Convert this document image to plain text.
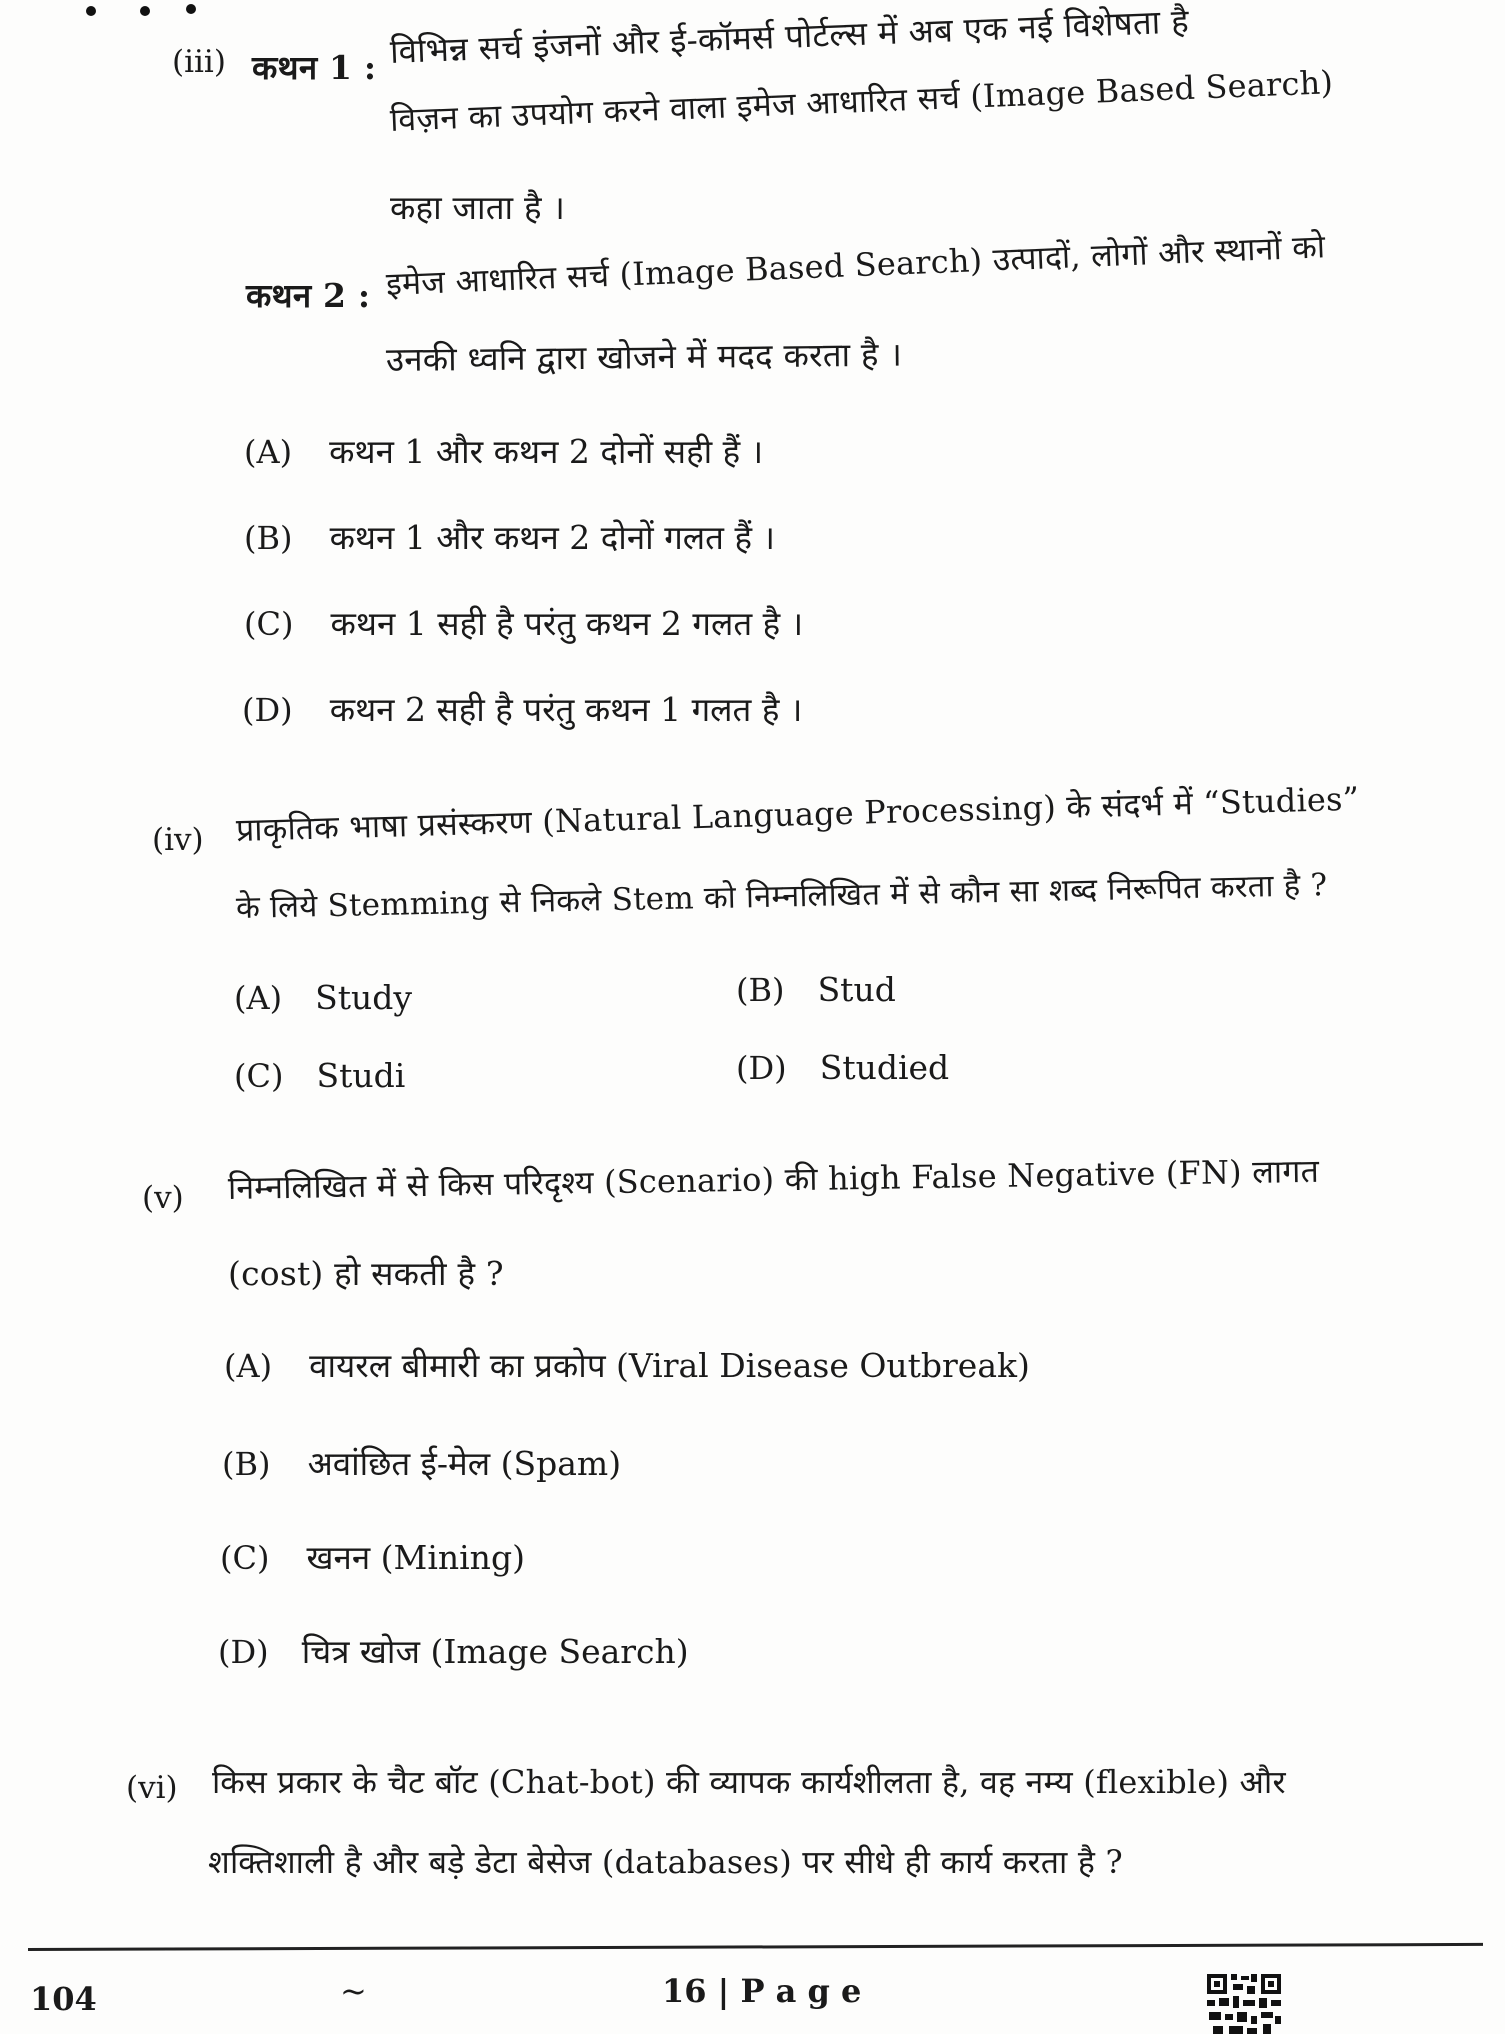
(iii) कथन 1 : विभिन्न सर्च इंजनों और ई-कॉमर्स पोर्टल्स में अब एक नई विशेषता है
विज़न का उपयोग करने वाला इमेज आधारित सर्च (Image Based Search)
कहा जाता है ।
कथन 2 : इमेज आधारित सर्च (Image Based Search) उत्पादों, लोगों और स्थानों को
उनकी ध्वनि द्वारा खोजने में मदद करता है ।
(A) कथन 1 और कथन 2 दोनों सही हैं ।
(B) कथन 1 और कथन 2 दोनों गलत हैं ।
(C) कथन 1 सही है परंतु कथन 2 गलत है ।
(D) कथन 2 सही है परंतु कथन 1 गलत है ।
(iv) प्राकृतिक भाषा प्रसंस्करण (Natural Language Processing) के संदर्भ में “Studies”
के लिये Stemming से निकले Stem को निम्नलिखित में से कौन सा शब्द निरूपित करता है ?
(A) Study	(B) Stud
(C) Studi	(D) Studied
(v) निम्नलिखित में से किस परिदृश्य (Scenario) की high False Negative (FN) लागत
(cost) हो सकती है ?
(A) वायरल बीमारी का प्रकोप (Viral Disease Outbreak)
(B) अवांछित ई-मेल (Spam)
(C) खनन (Mining)
(D) चित्र खोज (Image Search)
(vi) किस प्रकार के चैट बॉट (Chat-bot) की व्यापक कार्यशीलता है, वह नम्य (flexible) और
शक्तिशाली है और बड़े डेटा बेसेज (databases) पर सीधे ही कार्य करता है ?
104	~	16 | P a g e
